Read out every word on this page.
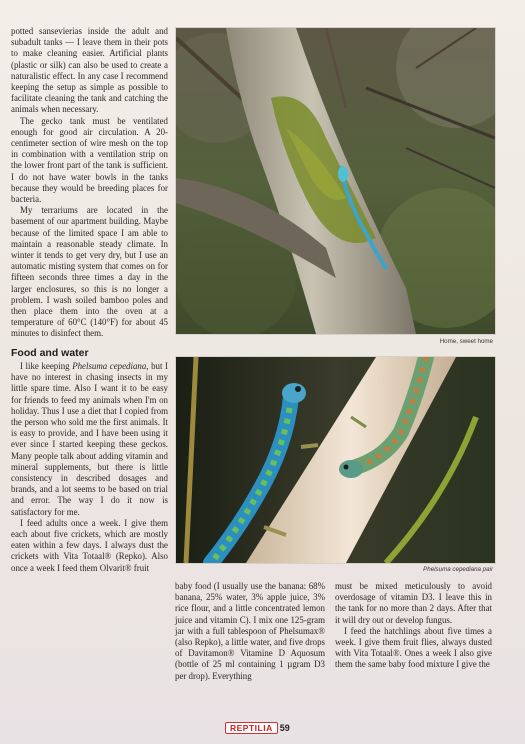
potted sansevierias inside the adult and subadult tanks — I leave them in their pots to make cleaning easier. Artificial plants (plastic or silk) can also be used to create a naturalistic effect. In any case I recommend keeping the setup as simple as possible to facilitate cleaning the tank and catching the animals when necessary.

The gecko tank must be ventilated enough for good air circulation. A 20-centimeter section of wire mesh on the top in combination with a ventilation strip on the lower front part of the tank is sufficient. I do not have water bowls in the tanks because they would be breeding places for bacteria.

My terrariums are located in the basement of our apartment building. Maybe because of the limited space I am able to maintain a reasonable steady climate. In winter it tends to get very dry, but I use an automatic misting system that comes on for fifteen seconds three times a day in the larger enclosures, so this is no longer a problem. I wash soiled bamboo poles and then place them into the oven at a temperature of 60°C (140°F) for about 45 minutes to disinfect them.

Food and water

I like keeping Phelsuma cepediana, but I have no interest in chasing insects in my little spare time. Also I want it to be easy for friends to feed my animals when I'm on holiday. Thus I use a diet that I copied from the person who sold me the first animals. It is easy to provide, and I have been using it ever since I started keeping these geckos. Many people talk about adding vitamin and mineral supplements, but there is little consistency in described dosages and brands, and a lot seems to be based on trial and error. The way I do it now is satisfactory for me.

I feed adults once a week. I give them each about five crickets, which are mostly eaten within a few days. I always dust the crickets with Vita Totaal® (Repko). Also once a week I feed them Olvarit® fruit

Home, sweet home
Phelsuma cepediana pair

baby food (I usually use the banana: 68% banana, 25% water, 3% apple juice, 3% rice flour, and a little concentrated lemon juice and vitamin C). I mix one 125-gram jar with a full tablespoon of Phelsumax® (also Repko), a little water, and five drops of Davitamon® Vitamine D Aquosum (bottle of 25 ml containing 1 µgram D3 per drop). Everything

must be mixed meticulously to avoid overdosage of vitamin D3. I leave this in the tank for no more than 2 days. After that it will dry out or develop fungus.

I feed the hatchlings about five times a week. I give them fruit flies, always dusted with Vita Totaal®. Ones a week I also give them the same baby food mixture I give the

REPTILIA 59
